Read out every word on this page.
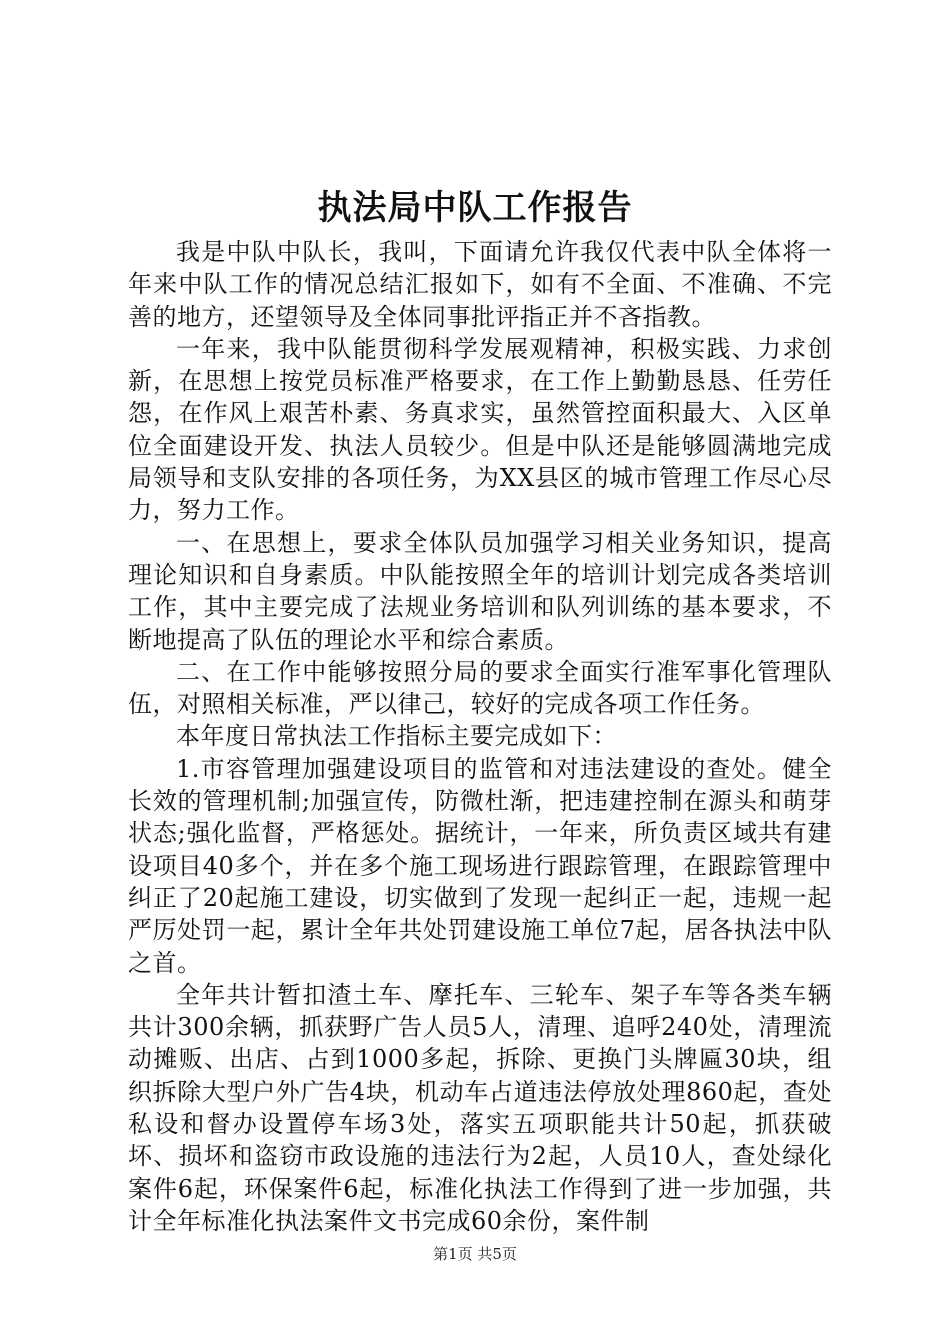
执法局中队工作报告

我是中队中队长，我叫，下面请允许我仅代表中队全体将一年来中队工作的情况总结汇报如下，如有不全面、不准确、不完善的地方，还望领导及全体同事批评指正并不吝指教。

一年来，我中队能贯彻科学发展观精神，积极实践、力求创新，在思想上按党员标准严格要求，在工作上勤勤恳恳、任劳任怨，在作风上艰苦朴素、务真求实，虽然管控面积最大、入区单位全面建设开发、执法人员较少。但是中队还是能够圆满地完成局领导和支队安排的各项任务，为XX县区的城市管理工作尽心尽力，努力工作。

一、在思想上，要求全体队员加强学习相关业务知识，提高理论知识和自身素质。中队能按照全年的培训计划完成各类培训工作，其中主要完成了法规业务培训和队列训练的基本要求，不断地提高了队伍的理论水平和综合素质。

二、在工作中能够按照分局的要求全面实行准军事化管理队伍，对照相关标准，严以律己，较好的完成各项工作任务。

本年度日常执法工作指标主要完成如下：

1.市容管理加强建设项目的监管和对违法建设的查处。健全长效的管理机制;加强宣传，防微杜渐，把违建控制在源头和萌芽状态;强化监督，严格惩处。据统计，一年来，所负责区域共有建设项目40多个，并在多个施工现场进行跟踪管理，在跟踪管理中纠正了20起施工建设，切实做到了发现一起纠正一起，违规一起严厉处罚一起，累计全年共处罚建设施工单位7起，居各执法中队之首。

全年共计暂扣渣土车、摩托车、三轮车、架子车等各类车辆共计300余辆，抓获野广告人员5人，清理、追呼240处，清理流动摊贩、出店、占到1000多起，拆除、更换门头牌匾30块，组织拆除大型户外广告4块，机动车占道违法停放处理860起，查处私设和督办设置停车场3处，落实五项职能共计50起，抓获破坏、损坏和盗窃市政设施的违法行为2起，人员10人，查处绿化案件6起，环保案件6起，标准化执法工作得到了进一步加强，共计全年标准化执法案件文书完成60余份，案件制

第1页 共5页
